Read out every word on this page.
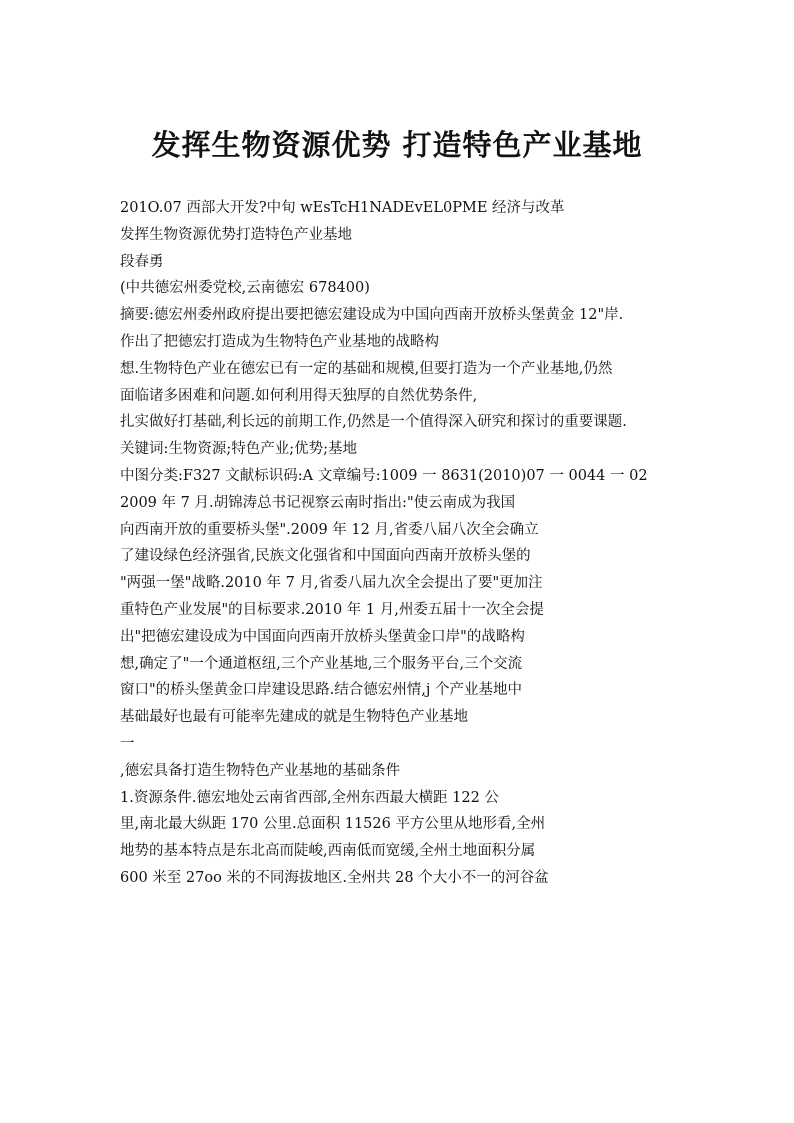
发挥生物资源优势 打造特色产业基地
201O.07 西部大开发?中旬 wEsTcH1NADEvEL0PME 经济与改革
发挥生物资源优势打造特色产业基地
段春勇
(中共德宏州委党校,云南德宏 678400)
摘要:德宏州委州政府提出要把德宏建设成为中国向西南开放桥头堡黄金 12"岸.
作出了把德宏打造成为生物特色产业基地的战略构
想.生物特色产业在德宏已有一定的基础和规模,但要打造为一个产业基地,仍然
面临诸多困难和问题.如何利用得天独厚的自然优势条件,
扎实做好打基础,利长远的前期工作,仍然是一个值得深入研究和探讨的重要课题.
关键词:生物资源;特色产业;优势;基地
中图分类:F327 文献标识码:A 文章编号:1009 一 8631(2010)07 一 0044 一 02
2009 年 7 月.胡锦涛总书记视察云南时指出:"使云南成为我国
向西南开放的重要桥头堡".2009 年 12 月,省委八届八次全会确立
了建设绿色经济强省,民族文化强省和中国面向西南开放桥头堡的
"两强一堡"战略.2010 年 7 月,省委八届九次全会提出了要"更加注
重特色产业发展"的目标要求.2010 年 1 月,州委五届十一次全会提
出"把德宏建设成为中国面向西南开放桥头堡黄金口岸"的战略构
想,确定了"一个通道枢纽,三个产业基地,三个服务平台,三个交流
窗口"的桥头堡黄金口岸建设思路.结合德宏州情,j 个产业基地中
基础最好也最有可能率先建成的就是生物特色产业基地
一
,德宏具备打造生物特色产业基地的基础条件
1.资源条件.德宏地处云南省西部,全州东西最大横距 122 公
里,南北最大纵距 170 公里.总面积 11526 平方公里从地形看,全州
地势的基本特点是东北高而陡峻,西南低而宽缓,全州土地面积分属
600 米至 27oo 米的不同海拔地区.全州共 28 个大小不一的河谷盆
